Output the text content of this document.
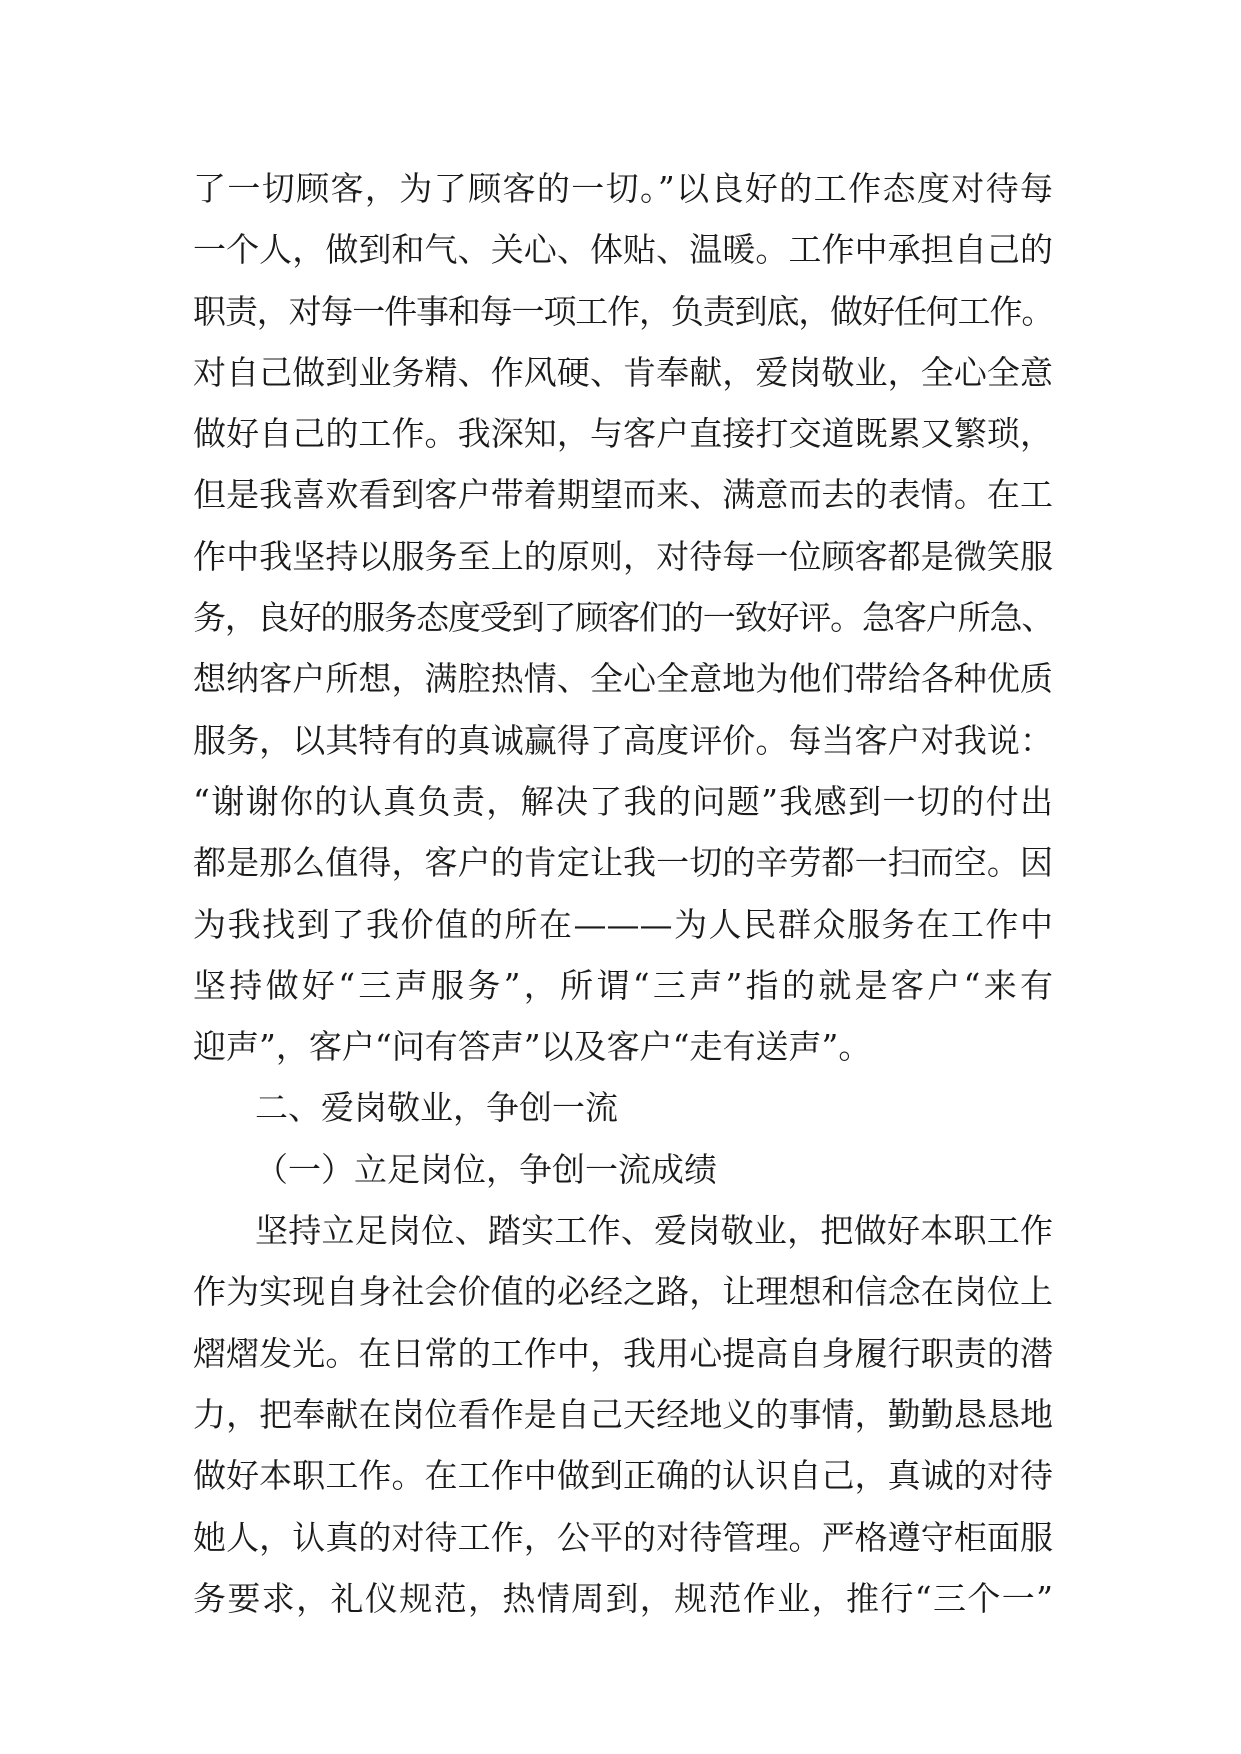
了一切顾客，为了顾客的一切。”以良好的工作态度对待每
一个人，做到和气、关心、体贴、温暖。工作中承担自己的
职责，对每一件事和每一项工作，负责到底，做好任何工作。
对自己做到业务精、作风硬、肯奉献，爱岗敬业，全心全意
做好自己的工作。我深知，与客户直接打交道既累又繁琐，
但是我喜欢看到客户带着期望而来、满意而去的表情。在工
作中我坚持以服务至上的原则，对待每一位顾客都是微笑服
务，良好的服务态度受到了顾客们的一致好评。急客户所急、
想纳客户所想，满腔热情、全心全意地为他们带给各种优质
服务，以其特有的真诚赢得了高度评价。每当客户对我说：
“谢谢你的认真负责，解决了我的问题”我感到一切的付出
都是那么值得，客户的肯定让我一切的辛劳都一扫而空。因
为我找到了我价值的所在———为人民群众服务在工作中
坚持做好“三声服务”，所谓“三声”指的就是客户“来有
迎声”，客户“问有答声”以及客户“走有送声”。
二、爱岗敬业，争创一流
（一）立足岗位，争创一流成绩
坚持立足岗位、踏实工作、爱岗敬业，把做好本职工作
作为实现自身社会价值的必经之路，让理想和信念在岗位上
熠熠发光。在日常的工作中，我用心提高自身履行职责的潜
力，把奉献在岗位看作是自己天经地义的事情，勤勤恳恳地
做好本职工作。在工作中做到正确的认识自己，真诚的对待
她人，认真的对待工作，公平的对待管理。严格遵守柜面服
务要求，礼仪规范，热情周到，规范作业，推行“三个一”
